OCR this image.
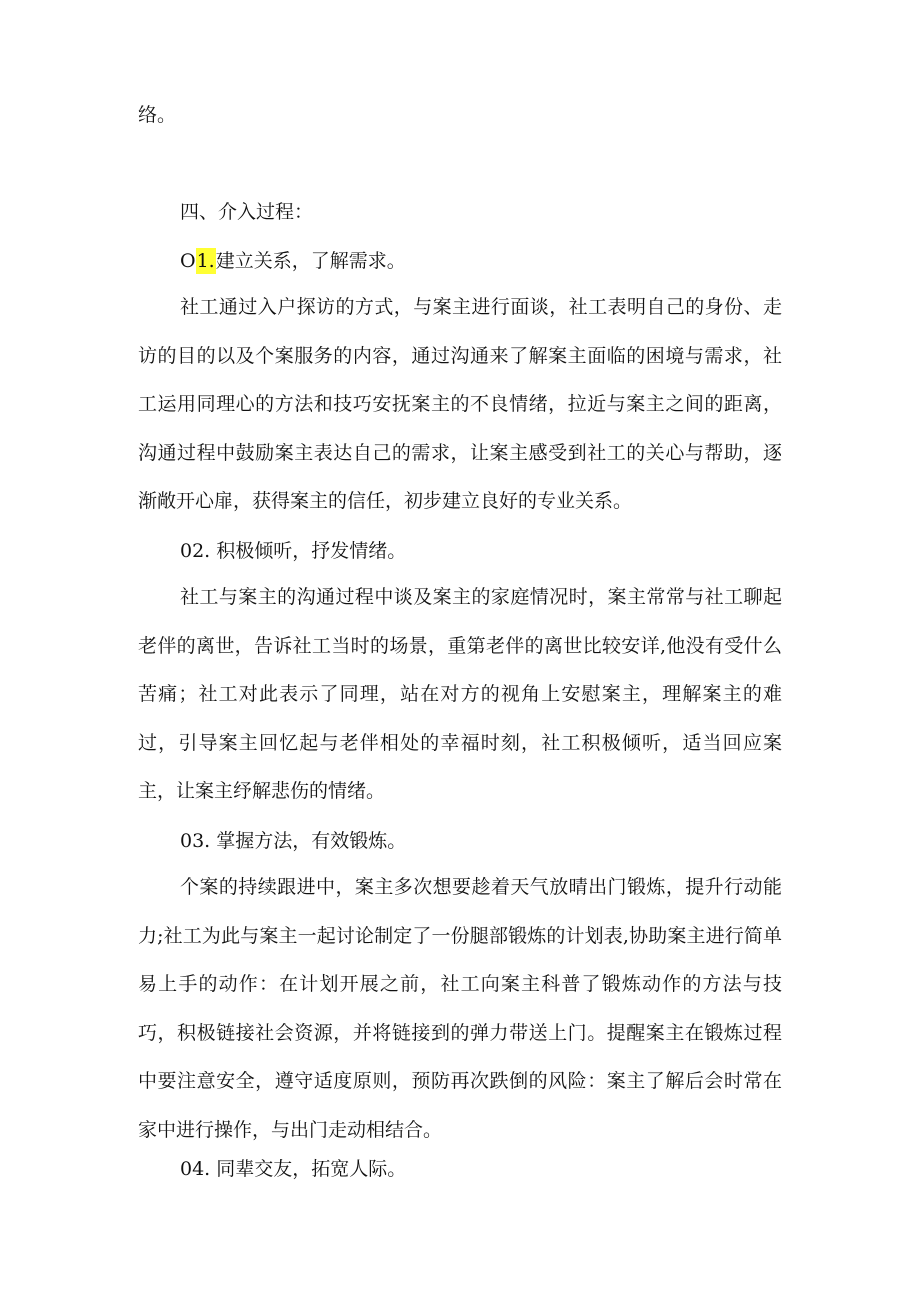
络。

四、介入过程：

O1.建立关系，了解需求。

社工通过入户探访的方式，与案主进行面谈，社工表明自己的身份、走访的目的以及个案服务的内容，通过沟通来了解案主面临的困境与需求，社工运用同理心的方法和技巧安抚案主的不良情绪，拉近与案主之间的距离，沟通过程中鼓励案主表达自己的需求，让案主感受到社工的关心与帮助，逐渐敞开心扉，获得案主的信任，初步建立良好的专业关系。

02. 积极倾听，抒发情绪。

社工与案主的沟通过程中谈及案主的家庭情况时，案主常常与社工聊起老伴的离世，告诉社工当时的场景，重第老伴的离世比较安详,他没有受什么苦痛；社工对此表示了同理，站在对方的视角上安慰案主，理解案主的难过，引导案主回忆起与老伴相处的幸福时刻，社工积极倾听，适当回应案主，让案主纾解悲伤的情绪。

03. 掌握方法，有效锻炼。

个案的持续跟进中，案主多次想要趁着天气放晴出门锻炼，提升行动能力;社工为此与案主一起讨论制定了一份腿部锻炼的计划表,协助案主进行简单易上手的动作：在计划开展之前，社工向案主科普了锻炼动作的方法与技巧，积极链接社会资源，并将链接到的弹力带送上门。提醒案主在锻炼过程中要注意安全，遵守适度原则，预防再次跌倒的风险：案主了解后会时常在家中进行操作，与出门走动相结合。

04. 同辈交友，拓宽人际。
